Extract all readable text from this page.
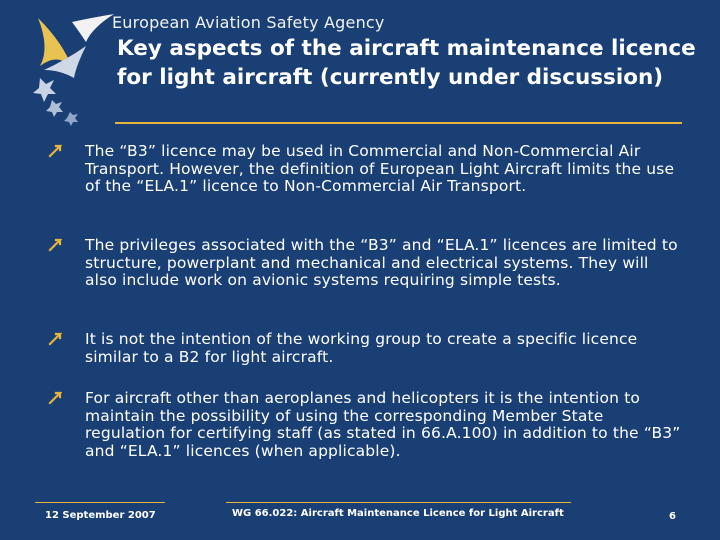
European Aviation Safety Agency
Key aspects of the aircraft maintenance licence for light aircraft (currently under discussion)
The “B3” licence may be used in Commercial and Non-Commercial Air Transport. However, the definition of European Light Aircraft limits the use of the “ELA.1” licence to Non-Commercial Air Transport.
The privileges associated with the “B3” and “ELA.1” licences are limited to structure, powerplant and mechanical and electrical systems. They will also include work on avionic systems requiring simple tests.
It is not the intention of the working group to create a specific licence similar to a B2 for light aircraft.
For aircraft other than aeroplanes and helicopters it is the intention to maintain the possibility of using the corresponding Member State regulation for certifying staff (as stated in 66.A.100) in addition to the “B3” and “ELA.1” licences (when applicable).
12 September 2007	WG 66.022: Aircraft Maintenance Licence for Light Aircraft	6
